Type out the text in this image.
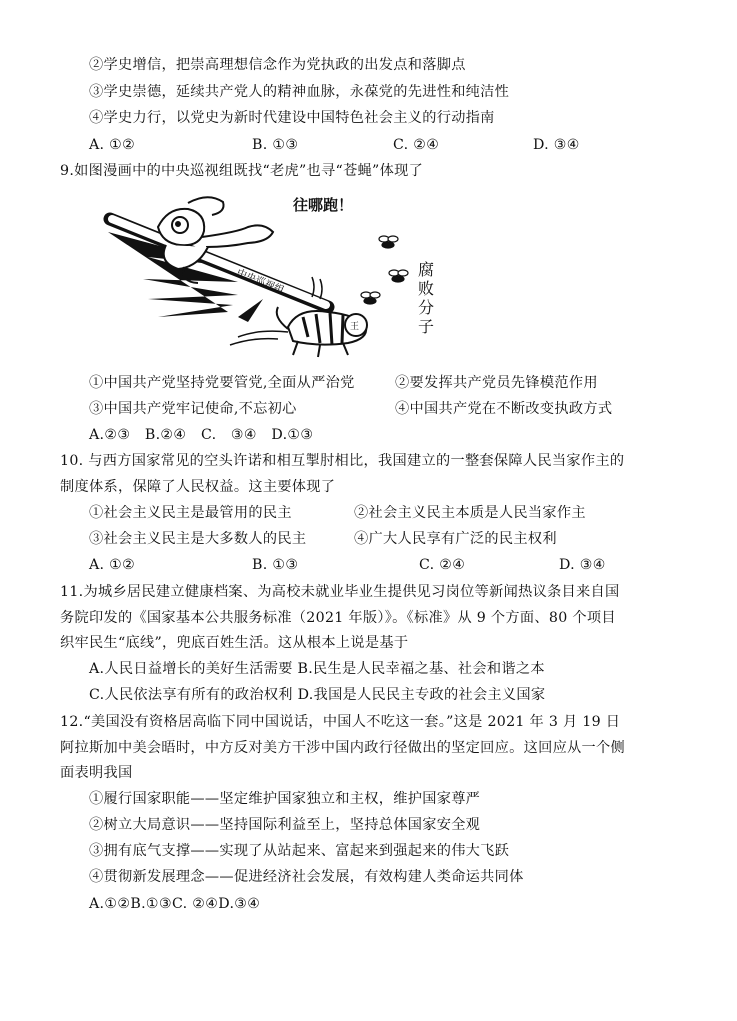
②学史增信，把崇高理想信念作为党执政的出发点和落脚点
③学史崇德，延续共产党人的精神血脉，永葆党的先进性和纯洁性
④学史力行，以党史为新时代建设中国特色社会主义的行动指南
A. ①②	B. ①③	C. ②④	D. ③④
9.如图漫画中的中央巡视组既找“老虎”也寻“苍蝇”体现了
中央巡视组
往哪跑！
腐败分子
王
①中国共产党坚持党要管党,全面从严治党	②要发挥共产党员先锋模范作用
③中国共产党牢记使命,不忘初心	④中国共产党在不断改变执政方式
A.②③　B.②④　C.　③④　D.①③
10. 与西方国家常见的空头许诺和相互掣肘相比，我国建立的一整套保障人民当家作主的
制度体系，保障了人民权益。这主要体现了
①社会主义民主是最管用的民主	②社会主义民主本质是人民当家作主
③社会主义民主是大多数人的民主	④广大人民享有广泛的民主权利
A. ①②	B. ①③	C. ②④	D. ③④
11.为城乡居民建立健康档案、为高校未就业毕业生提供见习岗位等新闻热议条目来自国
务院印发的《国家基本公共服务标准（2021 年版）》。《标准》从 9 个方面、80 个项目
织牢民生“底线”，兜底百姓生活。这从根本上说是基于
A.人民日益增长的美好生活需要 B.民生是人民幸福之基、社会和谐之本
C.人民依法享有所有的政治权利 D.我国是人民民主专政的社会主义国家
12.“美国没有资格居高临下同中国说话，中国人不吃这一套。”这是 2021 年 3 月 19 日
阿拉斯加中美会晤时，中方反对美方干涉中国内政行径做出的坚定回应。这回应从一个侧
面表明我国
①履行国家职能——坚定维护国家独立和主权，维护国家尊严
②树立大局意识——坚持国际利益至上，坚持总体国家安全观
③拥有底气支撑——实现了从站起来、富起来到强起来的伟大飞跃
④贯彻新发展理念——促进经济社会发展，有效构建人类命运共同体
A.①②B.①③C. ②④D.③④
